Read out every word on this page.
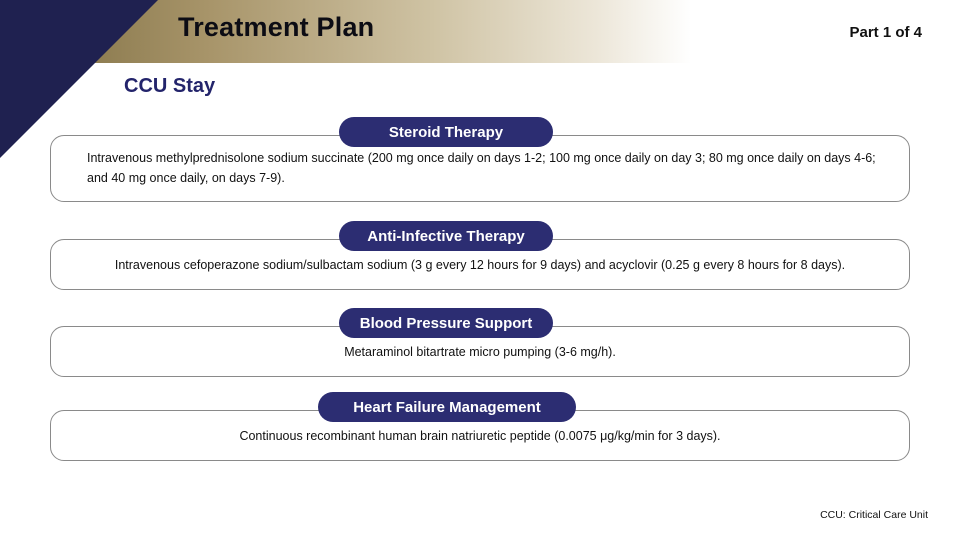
Treatment Plan	Part 1 of 4
CCU Stay
Intravenous methylprednisolone sodium succinate (200 mg once daily on days 1-2; 100 mg once daily on day 3; 80 mg once daily on days 4-6; and 40 mg once daily, on days 7-9).
Steroid Therapy
Intravenous cefoperazone sodium/sulbactam sodium (3 g every 12 hours for 9 days) and acyclovir (0.25 g every 8 hours for 8 days).
Anti-Infective Therapy
Metaraminol bitartrate micro pumping (3-6 mg/h).
Blood Pressure Support
Continuous recombinant human brain natriuretic peptide (0.0075 μg/kg/min for 3 days).
Heart Failure Management
CCU: Critical Care Unit
